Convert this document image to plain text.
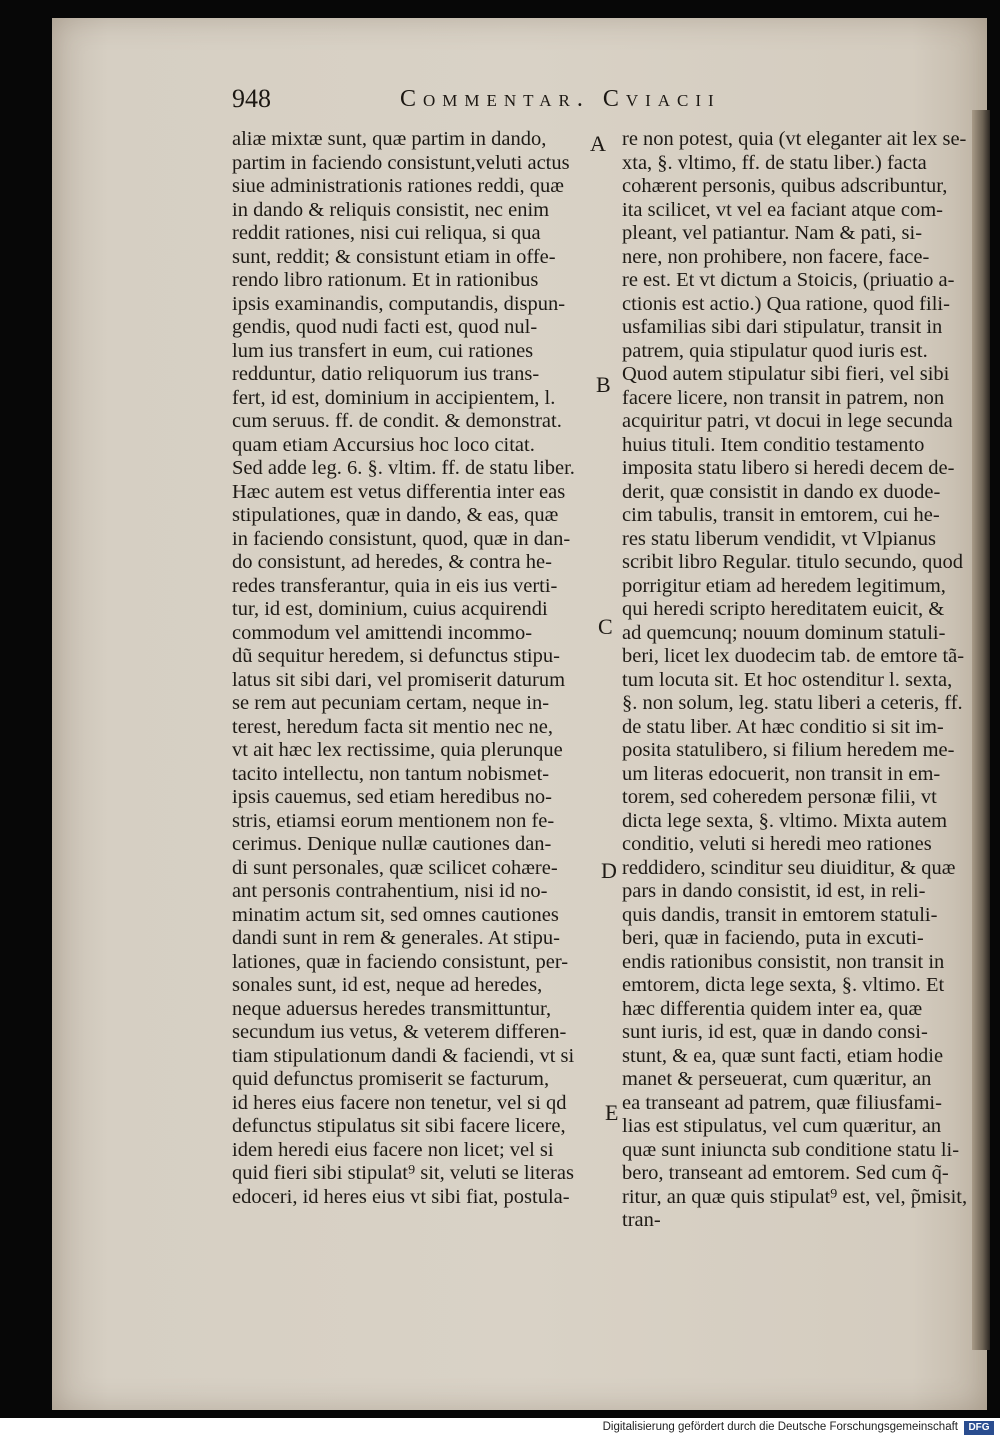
948	Commentar. Cviacii
aliæ mixtæ sunt, quæ partim in dando,
partim in faciendo consistunt,veluti actus
siue administrationis rationes reddi, quæ
in dando & reliquis consistit, nec enim
reddit rationes, nisi cui reliqua, si qua
sunt, reddit; & consistunt etiam in offe-
rendo libro rationum. Et in rationibus
ipsis examinandis, computandis, dispun-
gendis, quod nudi facti est, quod nul-
lum ius transfert in eum, cui rationes
redduntur, datio reliquorum ius trans-
fert, id est, dominium in accipientem, l.
cum seruus. ff. de condit. & demonstrat.
quam etiam Accursius hoc loco citat.
Sed adde leg. 6. §. vltim. ff. de statu liber.
Hæc autem est vetus differentia inter eas
stipulationes, quæ in dando, & eas, quæ
in faciendo consistunt, quod, quæ in dan-
do consistunt, ad heredes, & contra he-
redes transferantur, quia in eis ius verti-
tur, id est, dominium, cuius acquirendi
commodum vel amittendi incommo-
dũ sequitur heredem, si defunctus stipu-
latus sit sibi dari, vel promiserit daturum
se rem aut pecuniam certam, neque in-
terest, heredum facta sit mentio nec ne,
vt ait hæc lex rectissime, quia plerunque
tacito intellectu, non tantum nobismet-
ipsis cauemus, sed etiam heredibus no-
stris, etiamsi eorum mentionem non fe-
cerimus. Denique nullæ cautiones dan-
di sunt personales, quæ scilicet cohære-
ant personis contrahentium, nisi id no-
minatim actum sit, sed omnes cautiones
dandi sunt in rem & generales. At stipu-
lationes, quæ in faciendo consistunt, per-
sonales sunt, id est, neque ad heredes,
neque aduersus heredes transmittuntur,
secundum ius vetus, & veterem differen-
tiam stipulationum dandi & faciendi, vt si
quid defunctus promiserit se facturum,
id heres eius facere non tenetur, vel si qd
defunctus stipulatus sit sibi facere licere,
idem heredi eius facere non licet; vel si
quid fieri sibi stipulat⁹ sit, veluti se literas
edoceri, id heres eius vt sibi fiat, postula-
re non potest, quia (vt eleganter ait lex se-
xta, §. vltimo, ff. de statu liber.) facta
cohærent personis, quibus adscribuntur,
ita scilicet, vt vel ea faciant atque com-
pleant, vel patiantur. Nam & pati, si-
nere, non prohibere, non facere, face-
re est. Et vt dictum a Stoicis, (priuatio a-
ctionis est actio.) Qua ratione, quod fili-
usfamilias sibi dari stipulatur, transit in
patrem, quia stipulatur quod iuris est.
Quod autem stipulatur sibi fieri, vel sibi
facere licere, non transit in patrem, non
acquiritur patri, vt docui in lege secunda
huius tituli. Item conditio testamento
imposita statu libero si heredi decem de-
derit, quæ consistit in dando ex duode-
cim tabulis, transit in emtorem, cui he-
res statu liberum vendidit, vt Vlpianus
scribit libro Regular. titulo secundo, quod
porrigitur etiam ad heredem legitimum,
qui heredi scripto hereditatem euicit, &
ad quemcunq; nouum dominum statuli-
beri, licet lex duodecim tab. de emtore tã-
tum locuta sit. Et hoc ostenditur l. sexta,
§. non solum, leg. statu liberi a ceteris, ff.
de statu liber. At hæc conditio si sit im-
posita statulibero, si filium heredem me-
um literas edocuerit, non transit in em-
torem, sed coheredem personæ filii, vt
dicta lege sexta, §. vltimo. Mixta autem
conditio, veluti si heredi meo rationes
reddidero, scinditur seu diuiditur, & quæ
pars in dando consistit, id est, in reli-
quis dandis, transit in emtorem statuli-
beri, quæ in faciendo, puta in excuti-
endis rationibus consistit, non transit in
emtorem, dicta lege sexta, §. vltimo. Et
hæc differentia quidem inter ea, quæ
sunt iuris, id est, quæ in dando consi-
stunt, & ea, quæ sunt facti, etiam hodie
manet & perseuerat, cum quæritur, an
ea transeant ad patrem, quæ filiusfami-
lias est stipulatus, vel cum quæritur, an
quæ sunt iniuncta sub conditione statu li-
bero, transeant ad emtorem. Sed cum q̃-
ritur, an quæ quis stipulat⁹ est, vel, p̃misit,
tran-
A
B
C
D
E
Digitalisierung gefördert durch die Deutsche Forschungsgemeinschaft	DFG
